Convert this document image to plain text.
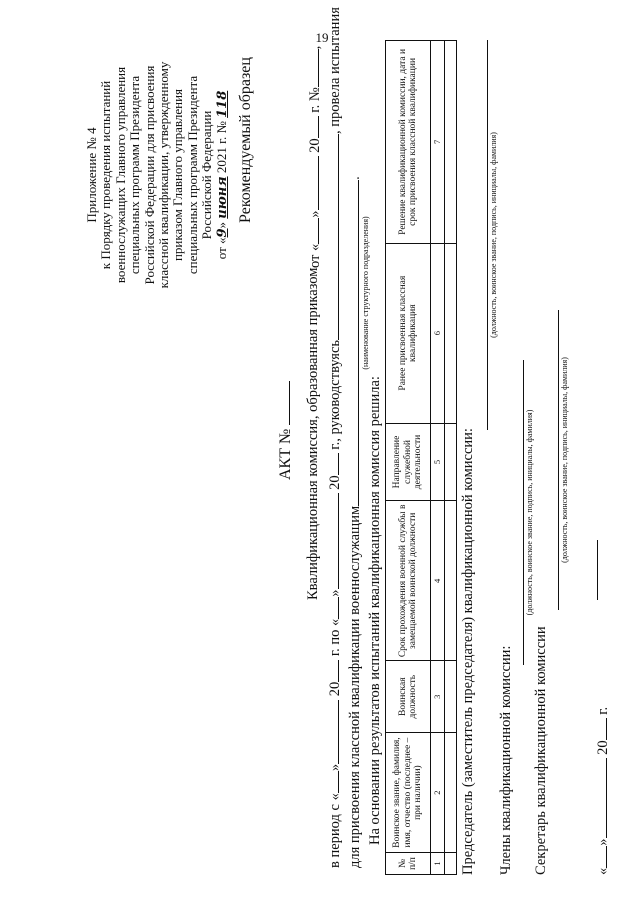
19
Приложение № 4 к Порядку проведения испытаний военнослужащих Главного управления специальных программ Президента Российской Федерации для присвоения классной квалификации, утвержденному приказом Главного управления специальных программ Президента Российской Федерации
от «9» июня 2021 г. № 118 Рекомендуемый образец
АКТ № Квалификационная комиссия, образованная приказом
от «» 20 г. №,
в период с «» 20 г. по «» 20 г., руководствуясь, провела испытания
для присвоения классной квалификации военнослужащим.
(наименование структурного подразделения)
На основании результатов испытаний квалификационная комиссия решила:
№ п/п	Воинское звание, фамилия, имя, отчество (последнее – при наличии)	Воинская должность	Срок прохождения военной службы в замещаемой воинской должности	Направление служебной деятельности	Ранее присвоенная классная квалификация	Решение квалификационной комиссии, дата и срок присвоения классной квалификации
1	2	3	4	5	6	7

Председатель (заместитель председателя) квалификационной комиссии:
(должность, воинское звание, подпись, инициалы, фамилия)
Члены квалификационной комиссии:
(должность, воинское звание, подпись, инициалы, фамилия)
Секретарь квалификационной комиссии
(должность, воинское звание, подпись, инициалы, фамилия)
«» 20 г.
